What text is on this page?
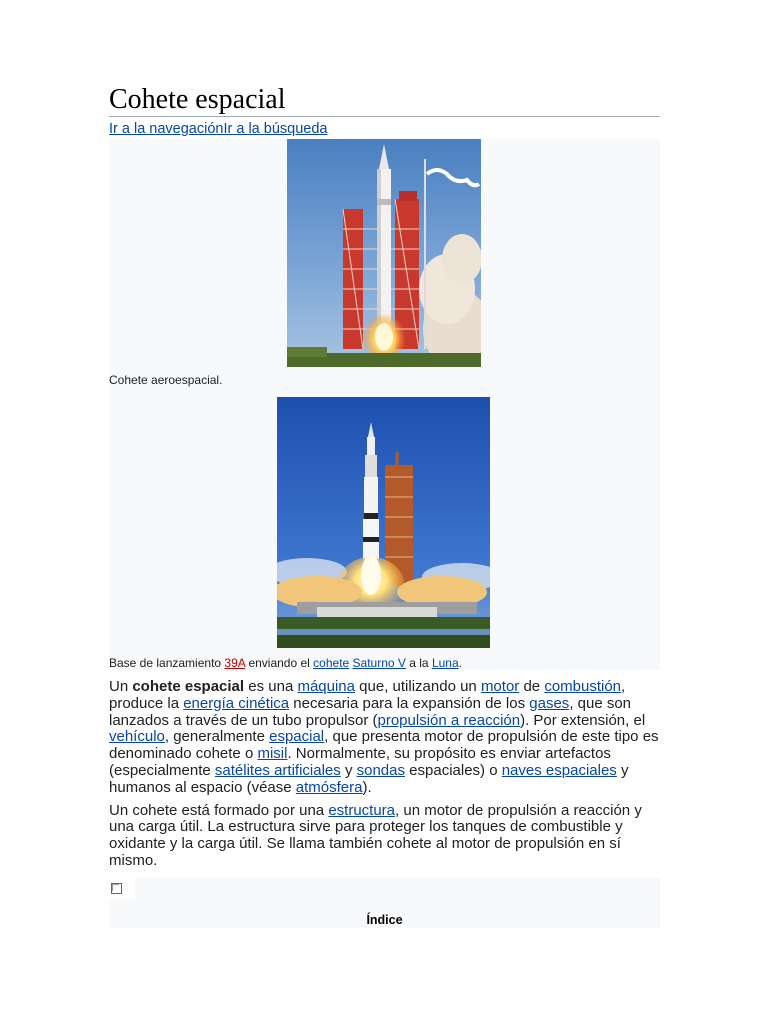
Cohete espacial
Ir a la navegaciónIr a la búsqueda
Cohete aeroespacial.
Base de lanzamiento 39A enviando el cohete Saturno V a la Luna.

Un cohete espacial es una máquina que, utilizando un motor de combustión, produce la energía cinética necesaria para la expansión de los gases, que son lanzados a través de un tubo propulsor (propulsión a reacción). Por extensión, el vehículo, generalmente espacial, que presenta motor de propulsión de este tipo es denominado cohete o misil. Normalmente, su propósito es enviar artefactos (especialmente satélites artificiales y sondas espaciales) o naves espaciales y humanos al espacio (véase atmósfera).

Un cohete está formado por una estructura, un motor de propulsión a reacción y una carga útil. La estructura sirve para proteger los tanques de combustible y oxidante y la carga útil. Se llama también cohete al motor de propulsión en sí mismo.

Índice
